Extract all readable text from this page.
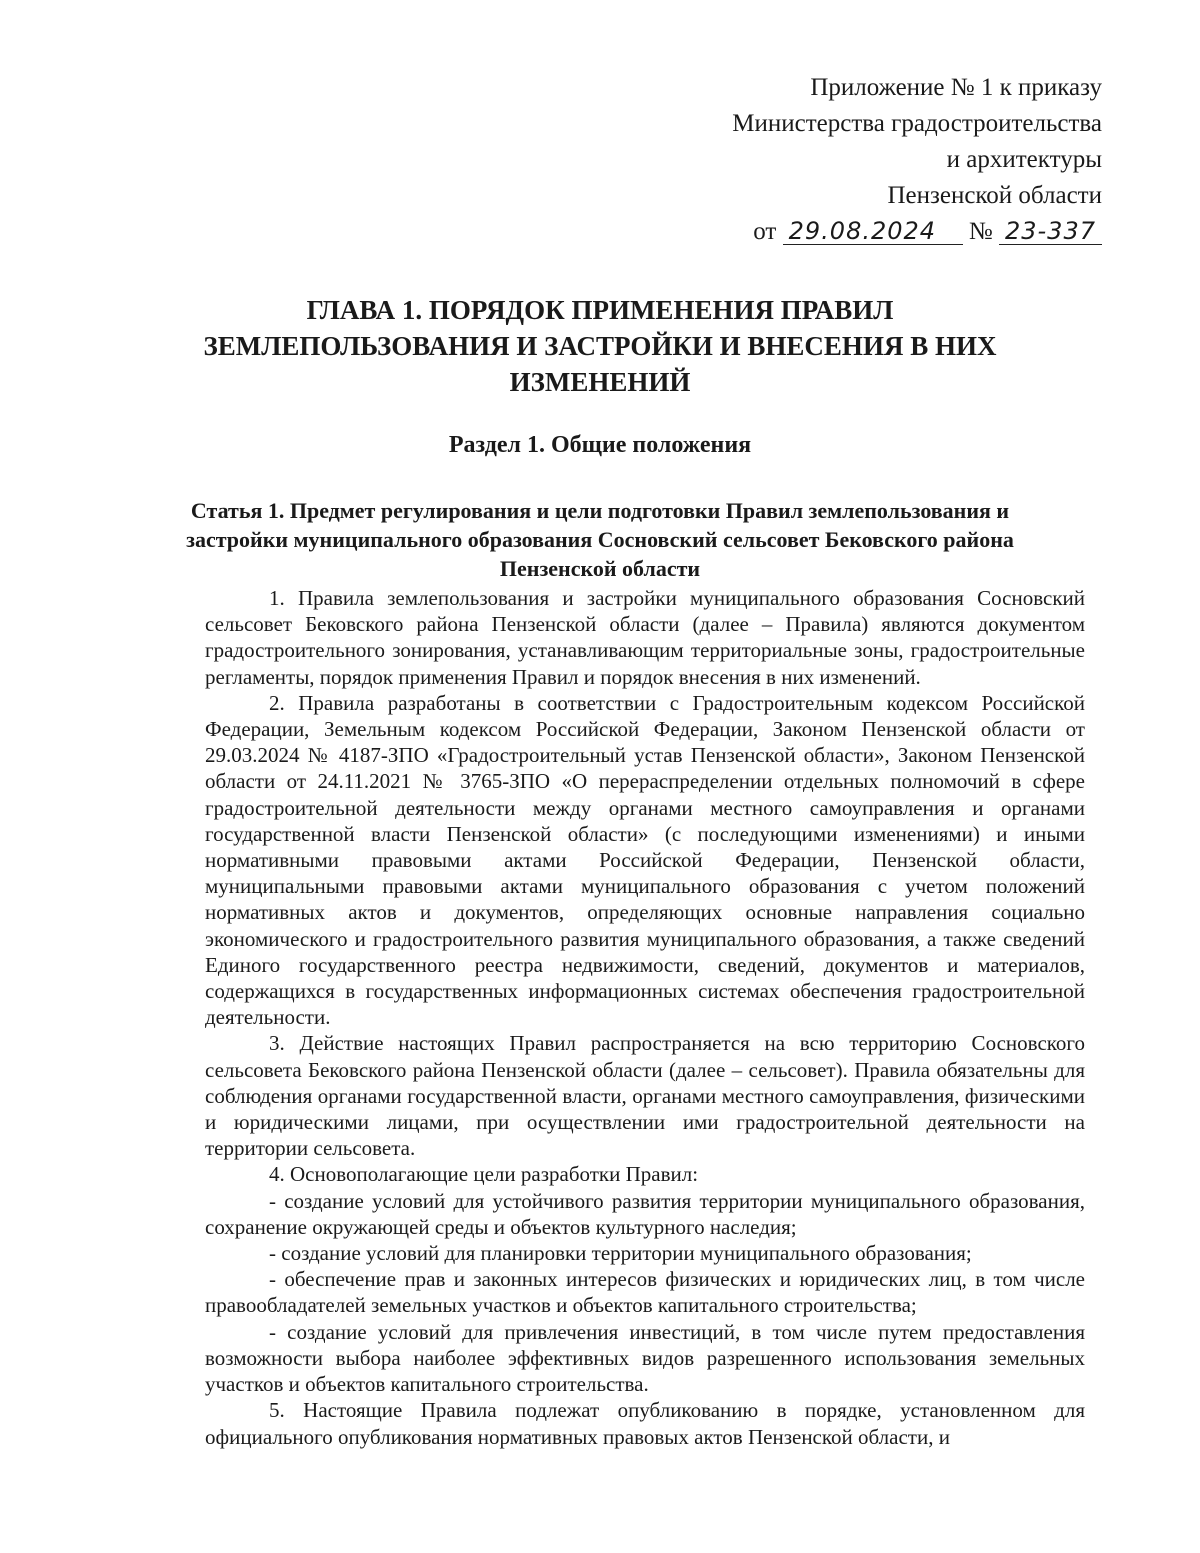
Приложение № 1 к приказу
Министерства градостроительства
и архитектуры
Пензенской области
от 29.08.2024 № 23-337
ГЛАВА 1. ПОРЯДОК ПРИМЕНЕНИЯ ПРАВИЛ ЗЕМЛЕПОЛЬЗОВАНИЯ И ЗАСТРОЙКИ И ВНЕСЕНИЯ В НИХ ИЗМЕНЕНИЙ
Раздел 1. Общие положения
Статья 1. Предмет регулирования и цели подготовки Правил землепользования и застройки муниципального образования Сосновский сельсовет Бековского района Пензенской области

1. Правила землепользования и застройки муниципального образования Сосновский сельсовет Бековского района Пензенской области (далее – Правила) являются документом градостроительного зонирования, устанавливающим территориальные зоны, градостроительные регламенты, порядок применения Правил и порядок внесения в них изменений.

2. Правила разработаны в соответствии с Градостроительным кодексом Российской Федерации, Земельным кодексом Российской Федерации, Законом Пензенской области от 29.03.2024 № 4187-ЗПО «Градостроительный устав Пензенской области», Законом Пензенской области от 24.11.2021 № 3765-ЗПО «О перераспределении отдельных полномочий в сфере градостроительной деятельности между органами местного самоуправления и органами государственной власти Пензенской области» (с последующими изменениями) и иными нормативными правовыми актами Российской Федерации, Пензенской области, муниципальными правовыми актами муниципального образования с учетом положений нормативных актов и документов, определяющих основные направления социально экономического и градостроительного развития муниципального образования, а также сведений Единого государственного реестра недвижимости, сведений, документов и материалов, содержащихся в государственных информационных системах обеспечения градостроительной деятельности.

3. Действие настоящих Правил распространяется на всю территорию Сосновского сельсовета Бековского района Пензенской области (далее – сельсовет). Правила обязательны для соблюдения органами государственной власти, органами местного самоуправления, физическими и юридическими лицами, при осуществлении ими градостроительной деятельности на территории сельсовета.

4. Основополагающие цели разработки Правил:

- создание условий для устойчивого развития территории муниципального образования, сохранение окружающей среды и объектов культурного наследия;

- создание условий для планировки территории муниципального образования;

- обеспечение прав и законных интересов физических и юридических лиц, в том числе правообладателей земельных участков и объектов капитального строительства;

- создание условий для привлечения инвестиций, в том числе путем предоставления возможности выбора наиболее эффективных видов разрешенного использования земельных участков и объектов капитального строительства.

5. Настоящие Правила подлежат опубликованию в порядке, установленном для официального опубликования нормативных правовых актов Пензенской области, и
